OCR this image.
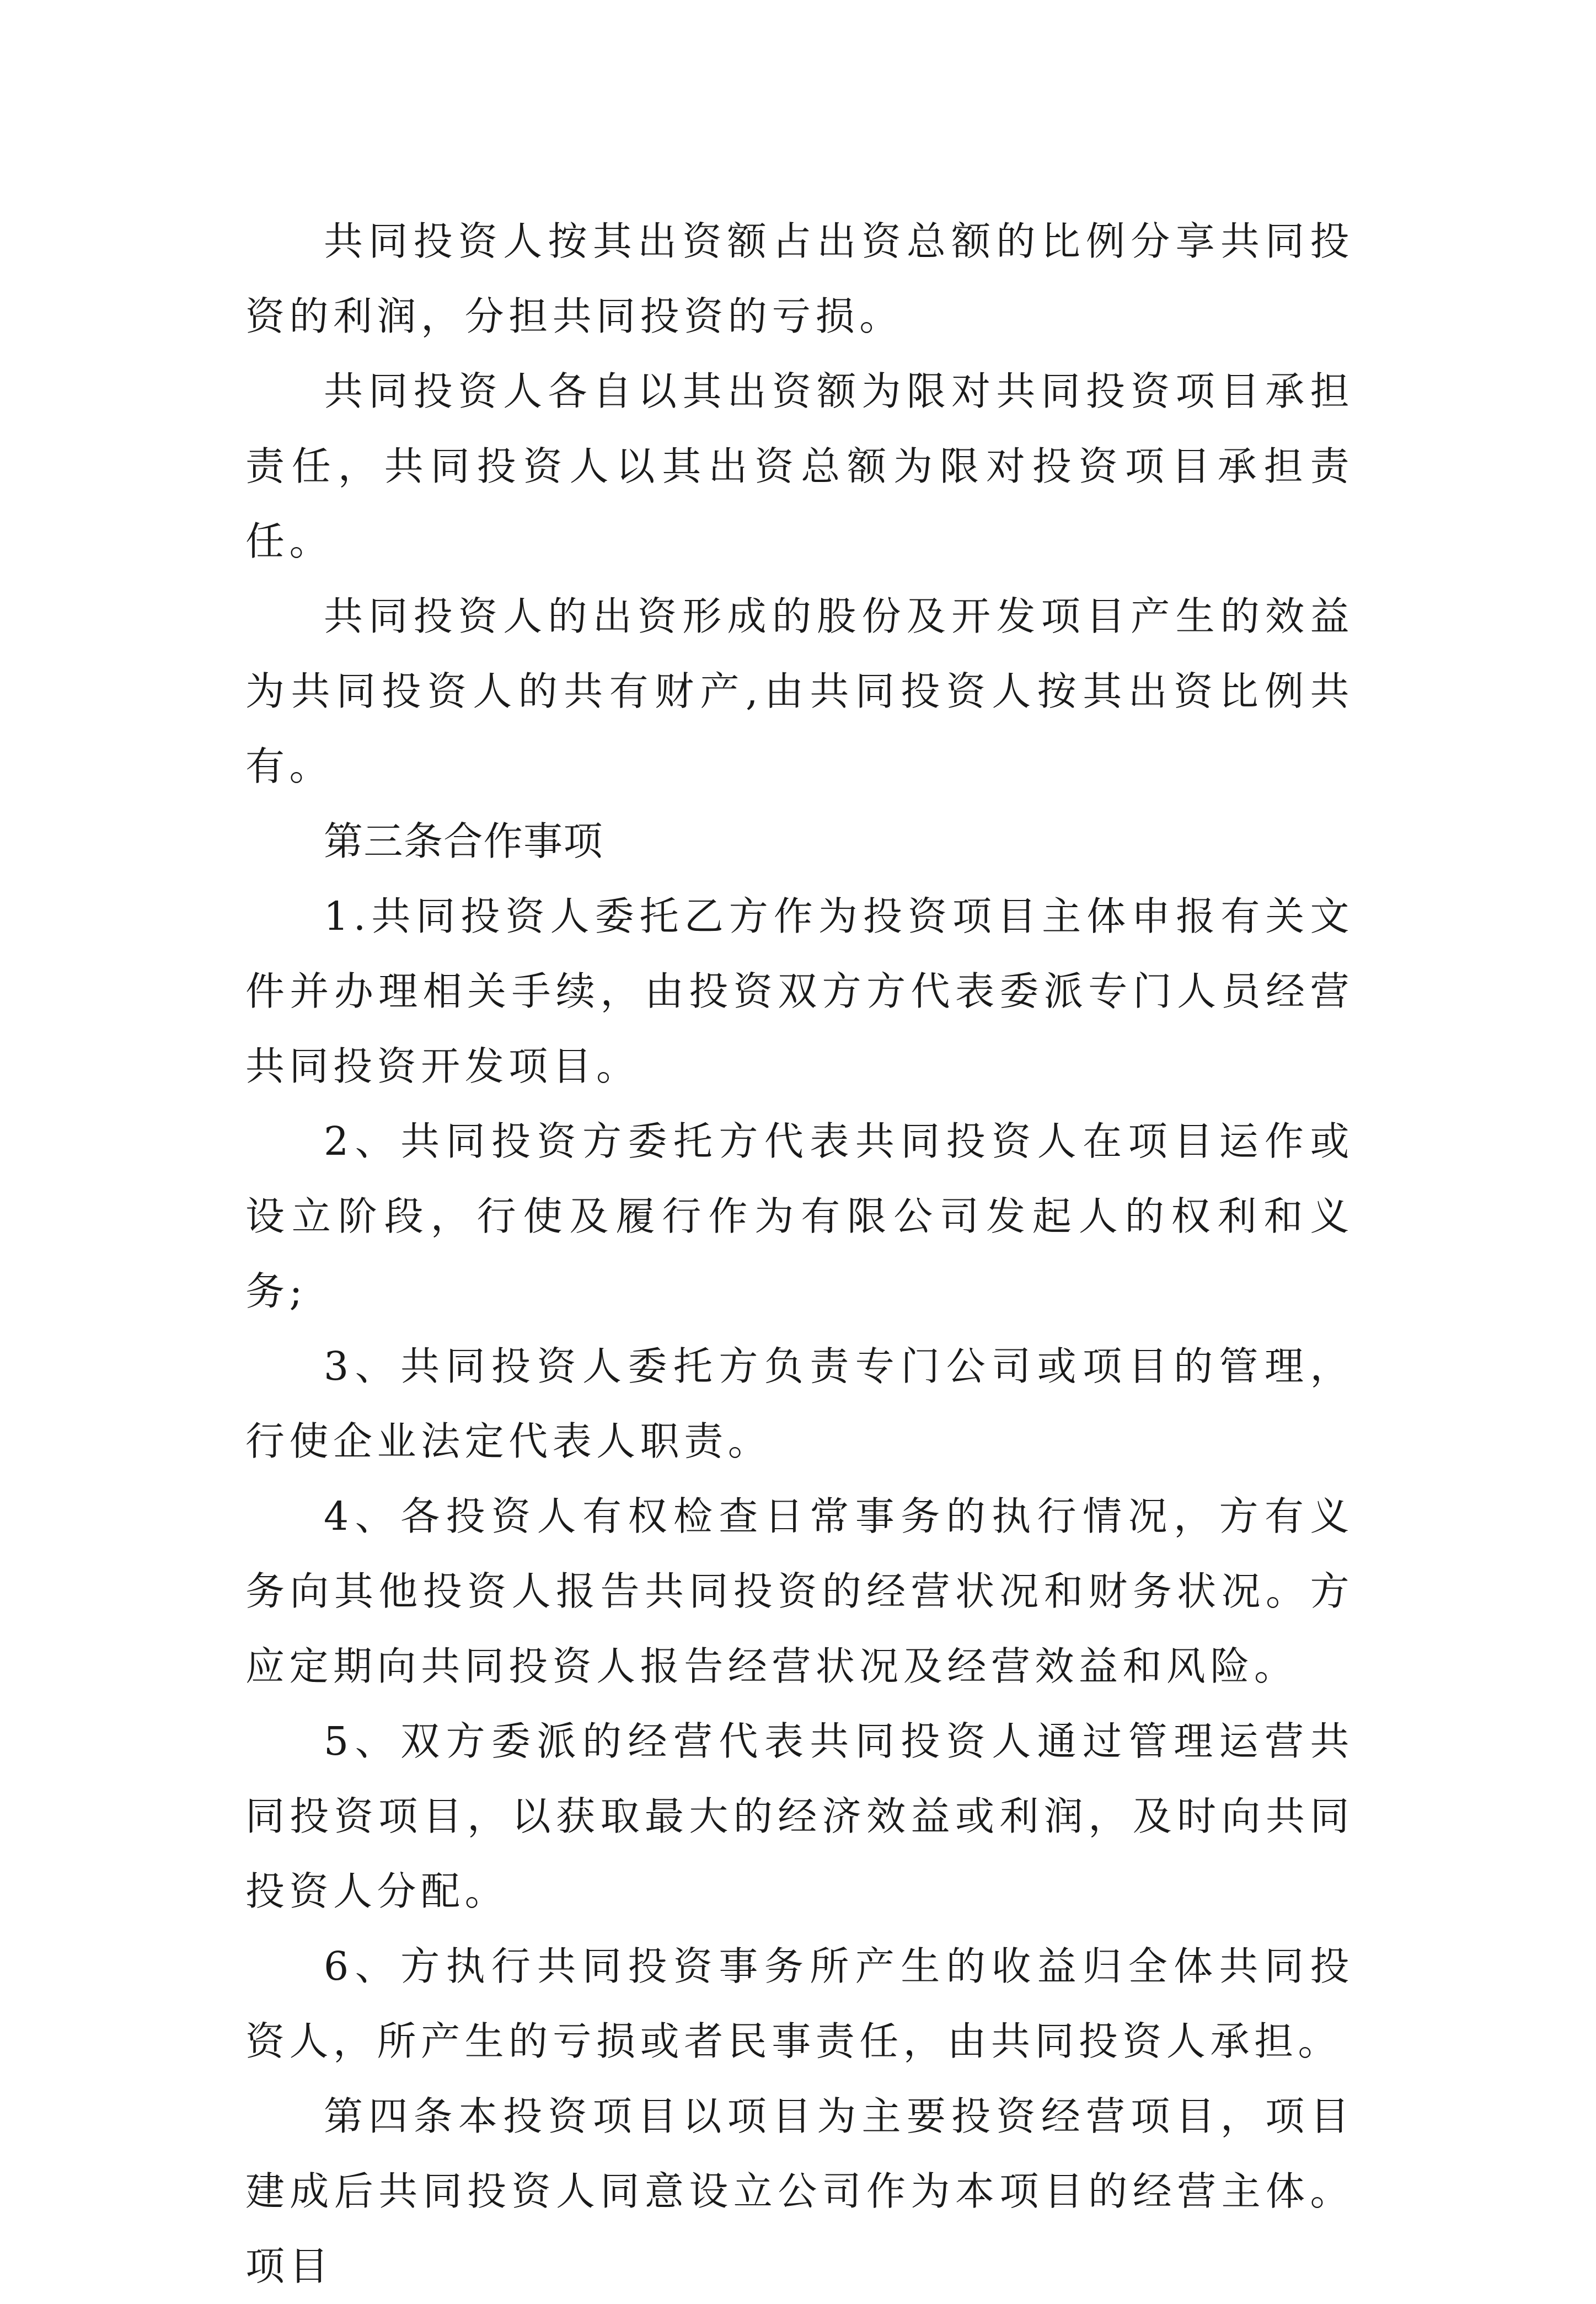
共同投资人按其出资额占出资总额的比例分享共同投资的利润，分担共同投资的亏损。

共同投资人各自以其出资额为限对共同投资项目承担责任，共同投资人以其出资总额为限对投资项目承担责任。

共同投资人的出资形成的股份及开发项目产生的效益为共同投资人的共有财产,由共同投资人按其出资比例共有。

第三条合作事项

1.共同投资人委托乙方作为投资项目主体申报有关文件并办理相关手续，由投资双方方代表委派专门人员经营共同投资开发项目。

2、共同投资方委托方代表共同投资人在项目运作或设立阶段，行使及履行作为有限公司发起人的权利和义务;

3、共同投资人委托方负责专门公司或项目的管理，行使企业法定代表人职责。

4、各投资人有权检查日常事务的执行情况，方有义务向其他投资人报告共同投资的经营状况和财务状况。方应定期向共同投资人报告经营状况及经营效益和风险。

5、双方委派的经营代表共同投资人通过管理运营共同投资项目，以获取最大的经济效益或利润，及时向共同投资人分配。

6、方执行共同投资事务所产生的收益归全体共同投资人，所产生的亏损或者民事责任，由共同投资人承担。

第四条本投资项目以项目为主要投资经营项目，项目建成后共同投资人同意设立公司作为本项目的经营主体。项目
